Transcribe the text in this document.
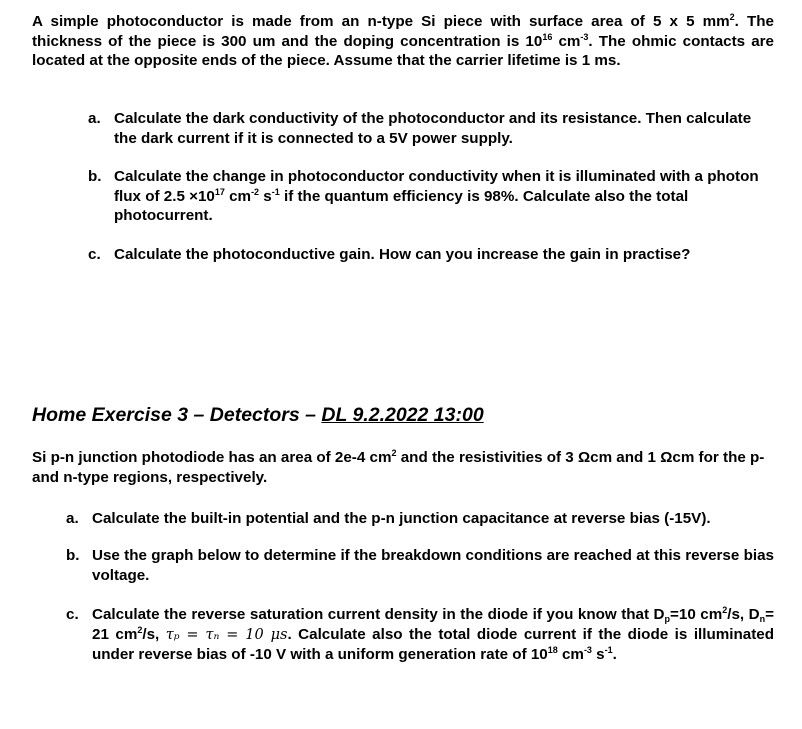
A simple photoconductor is made from an n-type Si piece with surface area of 5 x 5 $mm^2$. The thickness of the piece is 300 um and the doping concentration is $10^{16}$ $cm^{-3}$. The ohmic contacts are located at the opposite ends of the piece. Assume that the carrier lifetime is 1 ms.
a. Calculate the dark conductivity of the photoconductor and its resistance. Then calculate the dark current if it is connected to a 5V power supply.
b. Calculate the change in photoconductor conductivity when it is illuminated with a photon flux of $2.5 \times 10^{17}$ $cm^{-2}$ $s^{-1}$ if the quantum efficiency is 98%. Calculate also the total photocurrent.
c. Calculate the photoconductive gain. How can you increase the gain in practise?
Home Exercise 3 – Detectors – DL 9.2.2022 13:00
Si p-n junction photodiode has an area of 2e-4 $cm^2$ and the resistivities of 3 Ωcm and 1 Ωcm for the p- and n-type regions, respectively.
a. Calculate the built-in potential and the p-n junction capacitance at reverse bias (-15V).
b. Use the graph below to determine if the breakdown conditions are reached at this reverse bias voltage.
c. Calculate the reverse saturation current density in the diode if you know that $D_p=10$ $cm^2/s$, $D_n= 21$ $cm^2/s$, τₚ = τₙ = 10 μs. Calculate also the total diode current if the diode is illuminated under reverse bias of -10 V with a uniform generation rate of $10^{18}$ $cm^{-3}$ $s^{-1}$.
